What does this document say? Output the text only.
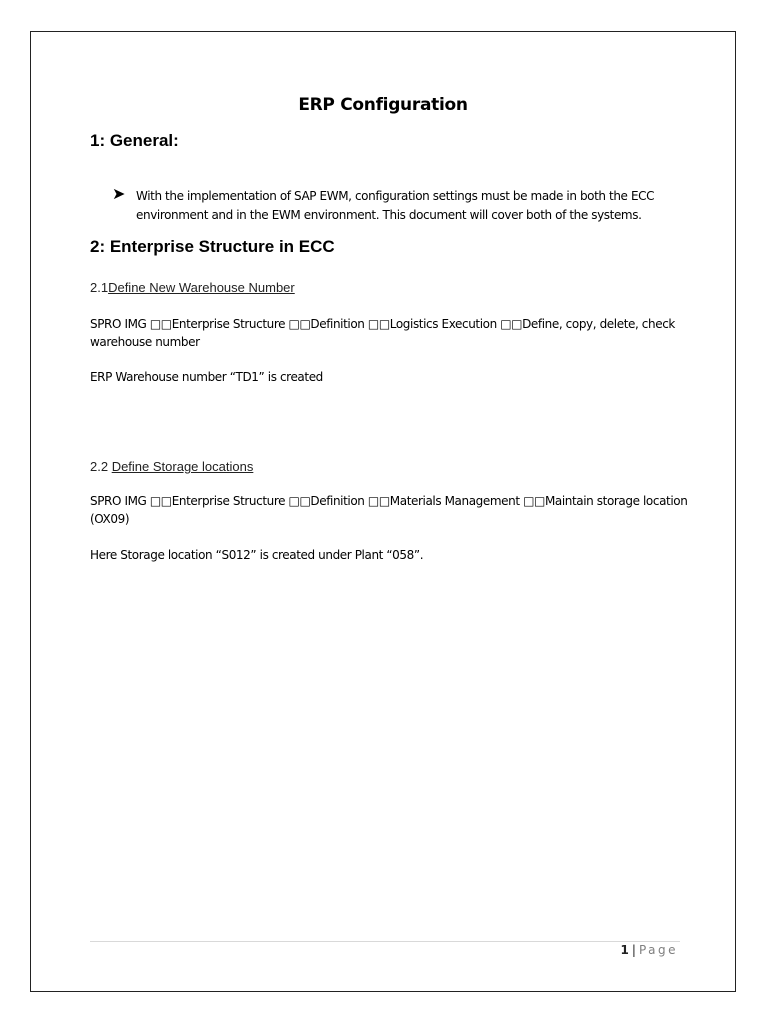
ERP Configuration
1: General:
➤ With the implementation of SAP EWM, configuration settings must be made in both the ECC environment and in the EWM environment. This document will cover both of the systems.
2: Enterprise Structure in ECC
2.1Define New Warehouse Number
SPRO IMG □□Enterprise Structure □□Definition □□Logistics Execution □□Define, copy, delete, check warehouse number
ERP Warehouse number “TD1” is created
2.2 Define Storage locations
SPRO IMG □□Enterprise Structure □□Definition □□Materials Management □□Maintain storage location (OX09)
Here Storage location “S012” is created under Plant “058”.
1 | Page
